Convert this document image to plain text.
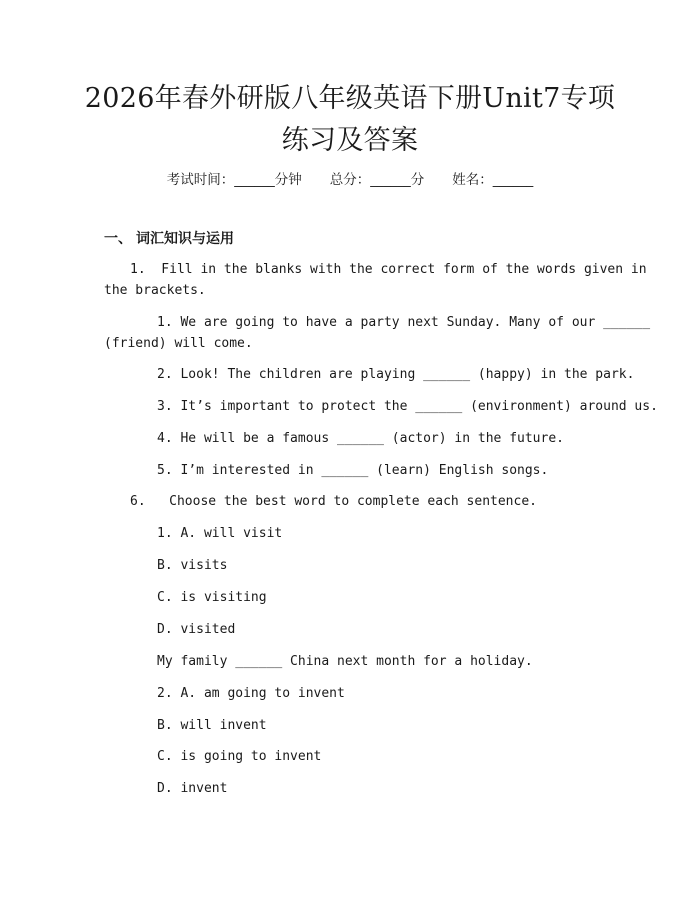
2026年春外研版八年级英语下册Unit7专项
练习及答案
考试时间：______分钟 总分：______分 姓名：______
一、 词汇知识与运用
1.  Fill in the blanks with the correct form of the words given in
the brackets.
1. We are going to have a party next Sunday. Many of our ______
(friend) will come.
2. Look! The children are playing ______ (happy) in the park.
3. It’s important to protect the ______ (environment) around us.
4. He will be a famous ______ (actor) in the future.
5. I’m interested in ______ (learn) English songs.
6.   Choose the best word to complete each sentence.
1. A. will visit
B. visits
C. is visiting
D. visited
My family ______ China next month for a holiday.
2. A. am going to invent
B. will invent
C. is going to invent
D. invent
